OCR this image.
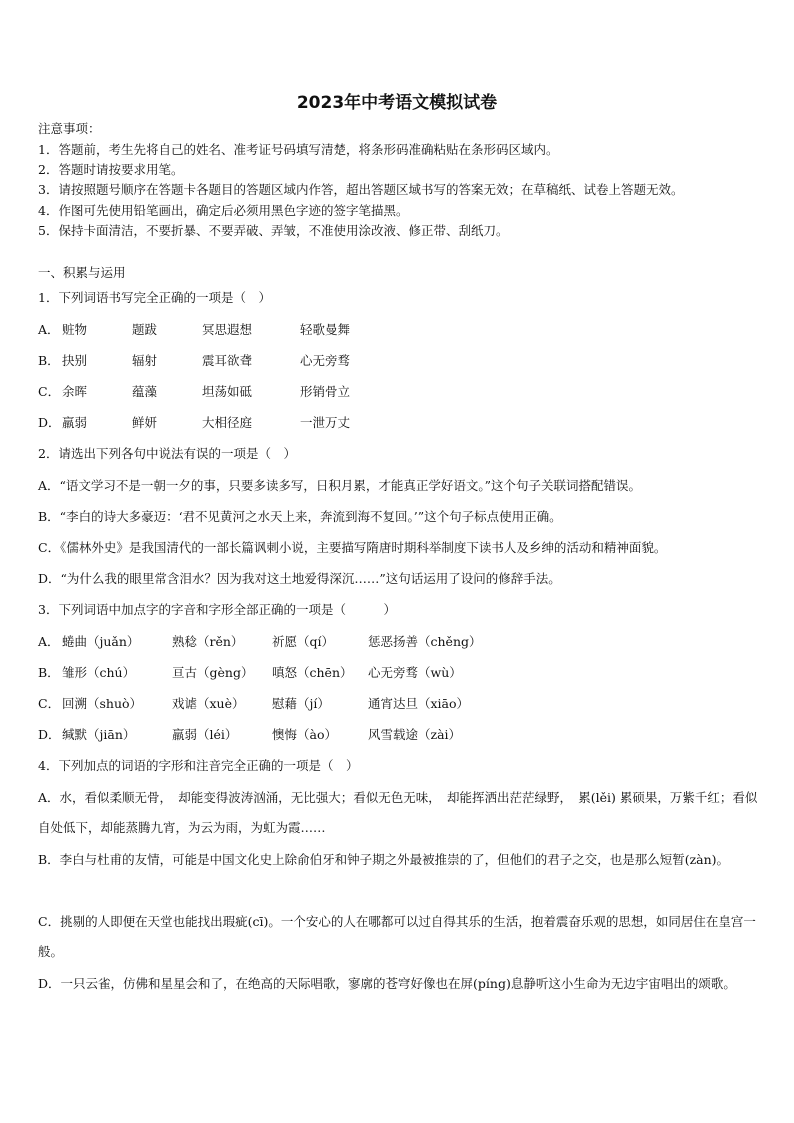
2023年中考语文模拟试卷
注意事项：
1．答题前，考生先将自己的姓名、准考证号码填写清楚，将条形码准确粘贴在条形码区域内。
2．答题时请按要求用笔。
3．请按照题号顺序在答题卡各题目的答题区域内作答，超出答题区域书写的答案无效；在草稿纸、试卷上答题无效。
4．作图可先使用铅笔画出，确定后必须用黑色字迹的签字笔描黑。
5．保持卡面清洁，不要折暴、不要弄破、弄皱，不准使用涂改液、修正带、刮纸刀。
一、积累与运用
1．下列词语书写完全正确的一项是（　）
A． 赃物	题跋	冥思遐想	轻歌曼舞
B． 抉别	辐射	震耳欲聋	心无旁骛
C． 余晖	蕴藻	坦荡如砥	形销骨立
D．羸弱	鲜妍	大相径庭	一泄万丈
2．请选出下列各句中说法有误的一项是（　）
A．“语文学习不是一朝一夕的事，只要多读多写，日积月累，才能真正学好语文。”这个句子关联词搭配错误。
B．“李白的诗大多豪迈：‘君不见黄河之水天上来，奔流到海不复回。’”这个句子标点使用正确。
C．《儒林外史》是我国清代的一部长篇讽刺小说，主要描写隋唐时期科举制度下读书人及乡绅的活动和精神面貌。
D．“为什么我的眼里常含泪水？因为我对这土地爱得深沉……”这句话运用了设问的修辞手法。
3．下列词语中加点字的字音和字形全部正确的一项是（　　　）
A． 蜷曲（juǎn）	熟稔（rěn） 祈愿（qí）	惩恶扬善（chěng）
B． 雏形（chú）	亘古（gèng） 嗔怒（chēn） 心无旁骛（wù）
C． 回溯（shuò） 戏谑（xuè） 慰藉（jí）	通宵达旦（xiāo）
D．缄默（jiān）	羸弱（léi）	懊悔（ào） 风雪载途（zài）
4．下列加点的词语的字形和注音完全正确的一项是（　）
A．水，看似柔顺无骨，　却能变得波涛汹涌，无比强大；看似无色无味，　却能挥洒出茫茫绿野，　累(lěi) 累硕果，万紫千红；看似自处低下，却能蒸腾九宵，为云为雨，为虹为霞……
B．李白与杜甫的友情，可能是中国文化史上除俞伯牙和钟子期之外最被推崇的了，但他们的君子之交，也是那么短暂(zàn)。
C．挑剔的人即便在天堂也能找出瑕疵(cī)。一个安心的人在哪都可以过自得其乐的生活，抱着震奋乐观的思想，如同居住在皇宫一般。
D．一只云雀，仿佛和星星会和了，在绝高的天际唱歌，寥廓的苍穹好像也在屏(píng)息静听这小生命为无边宇宙唱出的颂歌。
